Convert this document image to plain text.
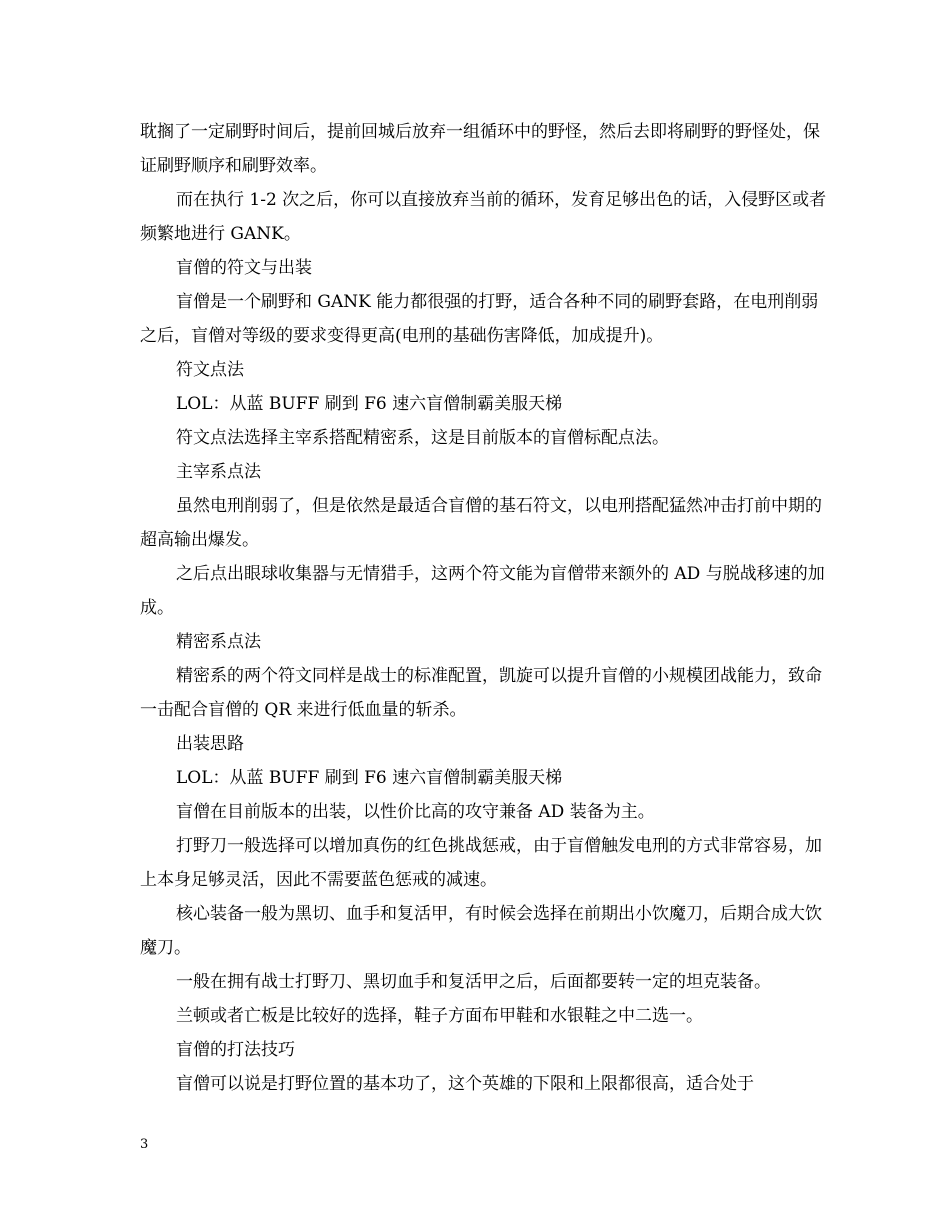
耽搁了一定刷野时间后，提前回城后放弃一组循环中的野怪，然后去即将刷野的野怪处，保证刷野顺序和刷野效率。

而在执行 1-2 次之后，你可以直接放弃当前的循环，发育足够出色的话，入侵野区或者频繁地进行 GANK。

盲僧的符文与出装

盲僧是一个刷野和 GANK 能力都很强的打野，适合各种不同的刷野套路，在电刑削弱之后，盲僧对等级的要求变得更高(电刑的基础伤害降低，加成提升)。

符文点法

LOL：从蓝 BUFF 刷到 F6 速六盲僧制霸美服天梯

符文点法选择主宰系搭配精密系，这是目前版本的盲僧标配点法。

主宰系点法

虽然电刑削弱了，但是依然是最适合盲僧的基石符文，以电刑搭配猛然冲击打前中期的超高输出爆发。

之后点出眼球收集器与无情猎手，这两个符文能为盲僧带来额外的 AD 与脱战移速的加成。

精密系点法

精密系的两个符文同样是战士的标准配置，凯旋可以提升盲僧的小规模团战能力，致命一击配合盲僧的 QR 来进行低血量的斩杀。

出装思路

LOL：从蓝 BUFF 刷到 F6 速六盲僧制霸美服天梯

盲僧在目前版本的出装，以性价比高的攻守兼备 AD 装备为主。

打野刀一般选择可以增加真伤的红色挑战惩戒，由于盲僧触发电刑的方式非常容易，加上本身足够灵活，因此不需要蓝色惩戒的减速。

核心装备一般为黑切、血手和复活甲，有时候会选择在前期出小饮魔刀，后期合成大饮魔刀。

一般在拥有战士打野刀、黑切血手和复活甲之后，后面都要转一定的坦克装备。

兰顿或者亡板是比较好的选择，鞋子方面布甲鞋和水银鞋之中二选一。

盲僧的打法技巧

盲僧可以说是打野位置的基本功了，这个英雄的下限和上限都很高，适合处于

3
